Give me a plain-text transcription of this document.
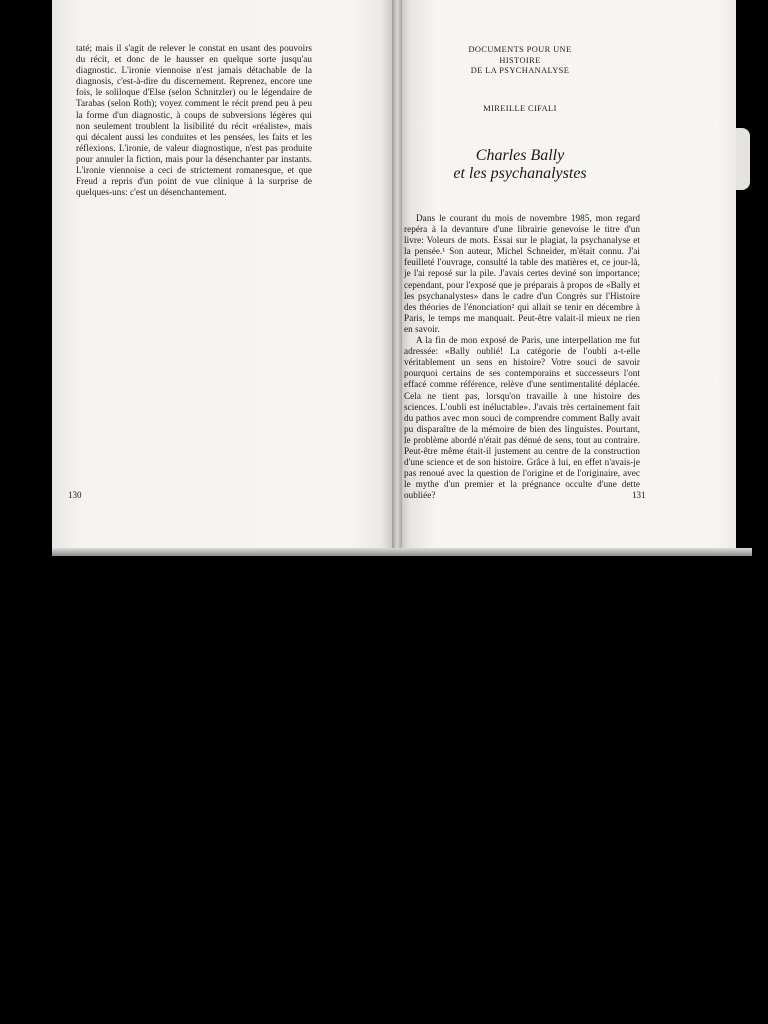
taté; mais il s'agit de relever le constat en usant des pouvoirs du récit, et donc de le hausser en quelque sorte jusqu'au diagnostic. L'ironie viennoise n'est jamais détachable de la diagnosis, c'est-à-dire du discernement. Reprenez, encore une fois, le soliloque d'Else (selon Schnitzler) ou le légendaire de Tarabas (selon Roth); voyez comment le récit prend peu à peu la forme d'un diagnostic, à coups de subversions légères qui non seulement troublent la lisibilité du récit «réaliste», mais qui décalent aussi les conduites et les pensées, les faits et les réflexions. L'ironie, de valeur diagnostique, n'est pas produite pour annuler la fiction, mais pour la désenchanter par instants. L'ironie viennoise a ceci de strictement romanesque, et que Freud a repris d'un point de vue clinique à la surprise de quelques-uns: c'est un désenchantement.

130
DOCUMENTS POUR UNE
HISTOIRE
DE LA PSYCHANALYSE
MIREILLE CIFALI
Charles Bally
et les psychanalystes

Dans le courant du mois de novembre 1985, mon regard repéra à la devanture d'une librairie genevoise le titre d'un livre: Voleurs de mots. Essai sur le plagiat, la psychanalyse et la pensée.¹ Son auteur, Michel Schneider, m'était connu. J'ai feuilleté l'ouvrage, consulté la table des matières et, ce jour-là, je l'ai reposé sur la pile. J'avais certes deviné son importance; cependant, pour l'exposé que je préparais à propos de «Bally et les psychanalystes» dans le cadre d'un Congrès sur l'Histoire des théories de l'énonciation² qui allait se tenir en décembre à Paris, le temps me manquait. Peut-être valait-il mieux ne rien en savoir.

A la fin de mon exposé de Paris, une interpellation me fut adressée: «Bally oublié! La catégorie de l'oubli a-t-elle véritablement un sens en histoire? Votre souci de savoir pourquoi certains de ses contemporains et successeurs l'ont effacé comme référence, relève d'une sentimentalité déplacée. Cela ne tient pas, lorsqu'on travaille à une histoire des sciences. L'oubli est inéluctable». J'avais très certainement fait du pathos avec mon souci de comprendre comment Bally avait pu disparaître de la mémoire de bien des linguistes. Pourtant, le problème abordé n'était pas dénué de sens, tout au contraire. Peut-être même était-il justement au centre de la construction d'une science et de son histoire. Grâce à lui, en effet n'avais-je pas renoué avec la question de l'origine et de l'originaire, avec le mythe d'un premier et la prégnance occulte d'une dette oubliée?	131
